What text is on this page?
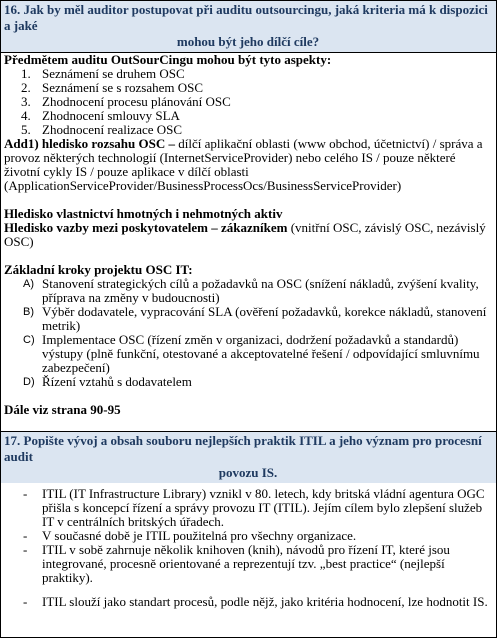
16. Jak by měl auditor postupovat při auditu outsourcingu, jaká kriteria má k dispozici a jaké
mohou být jeho dílčí cíle?
Předmětem auditu OutSourCingu mohou být tyto aspekty:
1. Seznámení se druhem OSC
2. Seznámení se s rozsahem OSC
3. Zhodnocení procesu plánování OSC
4. Zhodnocení smlouvy SLA
5. Zhodnocení realizace OSC
Add1) hledisko rozsahu OSC – dílčí aplikační oblasti (www obchod, účetnictví) / správa a provoz některých technologií (InternetServiceProvider) nebo celého IS / pouze některé životní cykly IS / pouze aplikace v dílčí oblasti (ApplicationServiceProvider/BusinessProcessOcs/BusinessServiceProvider)
Hledisko vlastnictví hmotných i nehmotných aktiv
Hledisko vazby mezi poskytovatelem – zákazníkem (vnitřní OSC, závislý OSC, nezávislý OSC)
Základní kroky projektu OSC IT:
A) Stanovení strategických cílů a požadavků na OSC (snížení nákladů, zvýšení kvality, příprava na změny v budoucnosti)
B) Výběr dodavatele, vypracování SLA (ověření požadavků, korekce nákladů, stanovení metrik)
C) Implementace OSC (řízení změn v organizaci, dodržení požadavků a standardů) výstupy (plně funkční, otestované a akceptovatelné řešení / odpovídající smluvnímu zabezpečení)
D) Řízení vztahů s dodavatelem
Dále viz strana 90-95
17. Popište vývoj a obsah souboru nejlepších praktik ITIL a jeho význam pro procesní audit
povozu IS.
- ITIL (IT Infrastructure Library) vznikl v 80. letech, kdy britská vládní agentura OGC přišla s koncepcí řízení a správy provozu IT (ITIL). Jejím cílem bylo zlepšení služeb IT v centrálních britských úřadech.
- V současné době je ITIL použitelná pro všechny organizace.
- ITIL v sobě zahrnuje několik knihoven (knih), návodů pro řízení IT, které jsou integrované, procesně orientované a reprezentují tzv. „best practice“ (nejlepší praktiky).
- ITIL slouží jako standart procesů, podle nějž, jako kritéria hodnocení, lze hodnotit IS.
